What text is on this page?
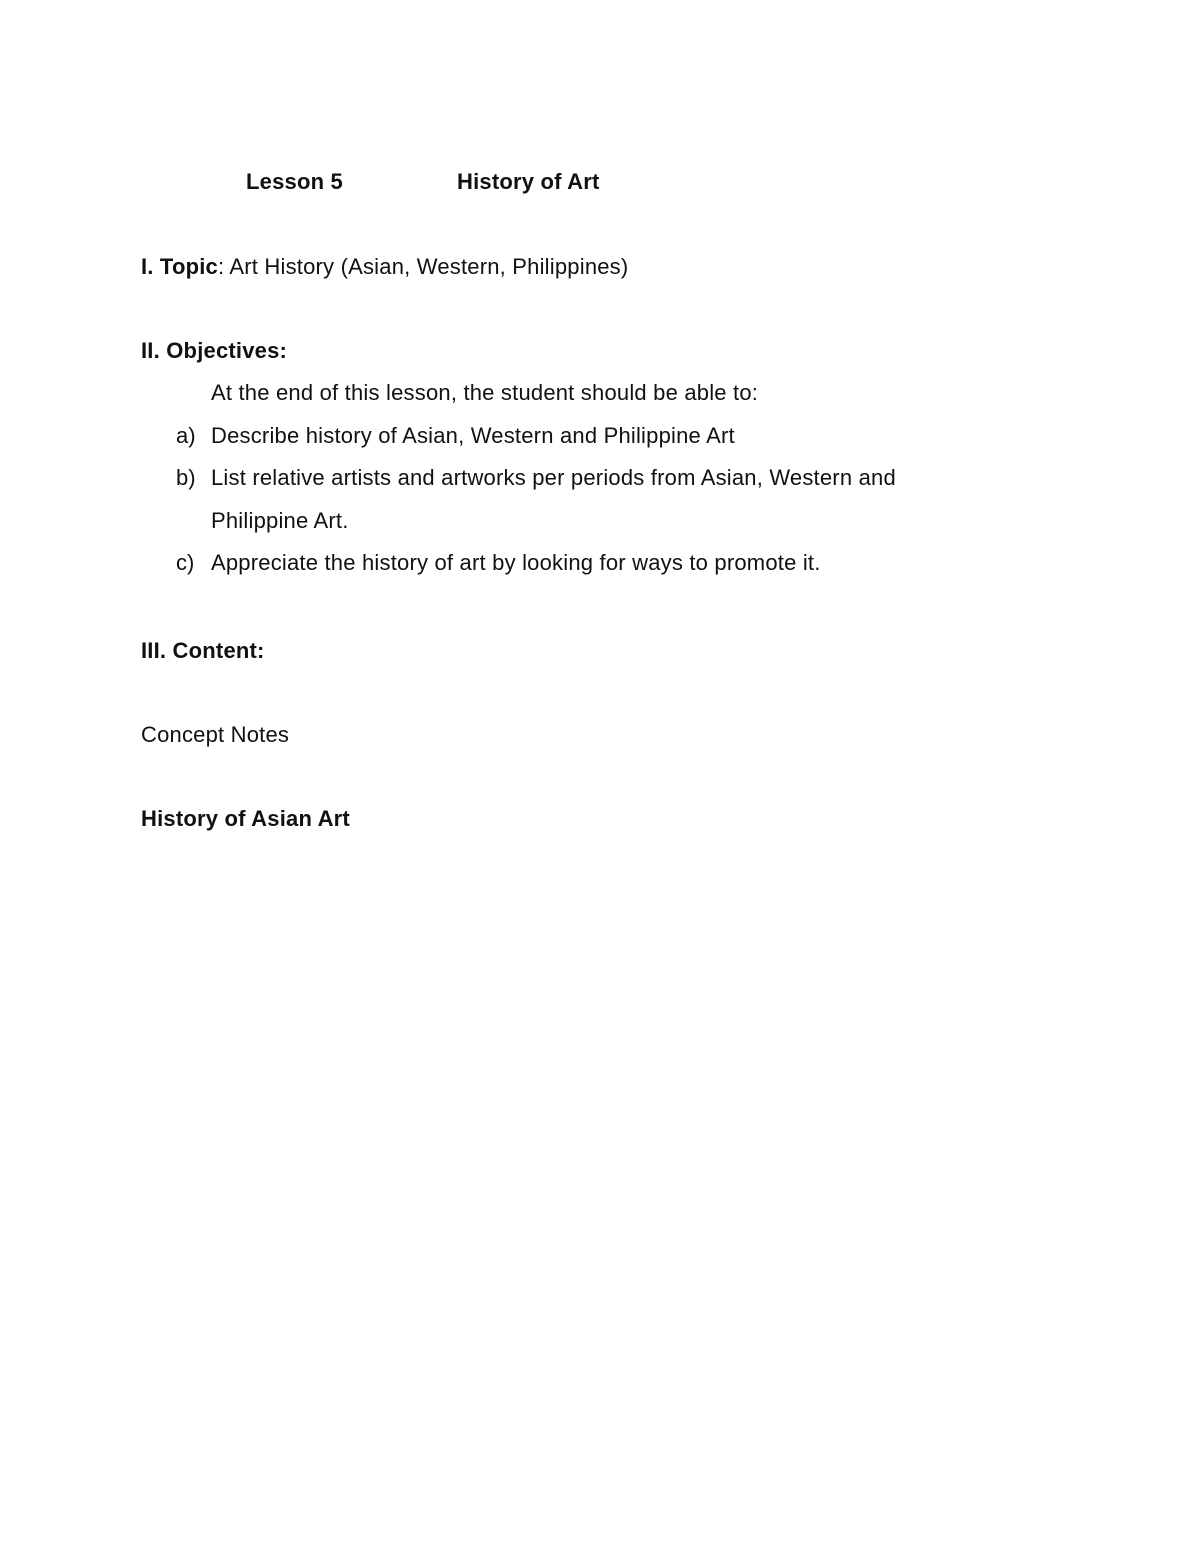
Lesson 5	History of Art
I. Topic: Art History (Asian, Western, Philippines)
II. Objectives:
At the end of this lesson, the student should be able to:
a) Describe history of Asian, Western and Philippine Art
b) List relative artists and artworks per periods from Asian, Western and
Philippine Art.
c) Appreciate the history of art by looking for ways to promote it.
III. Content:
Concept Notes
History of Asian Art
